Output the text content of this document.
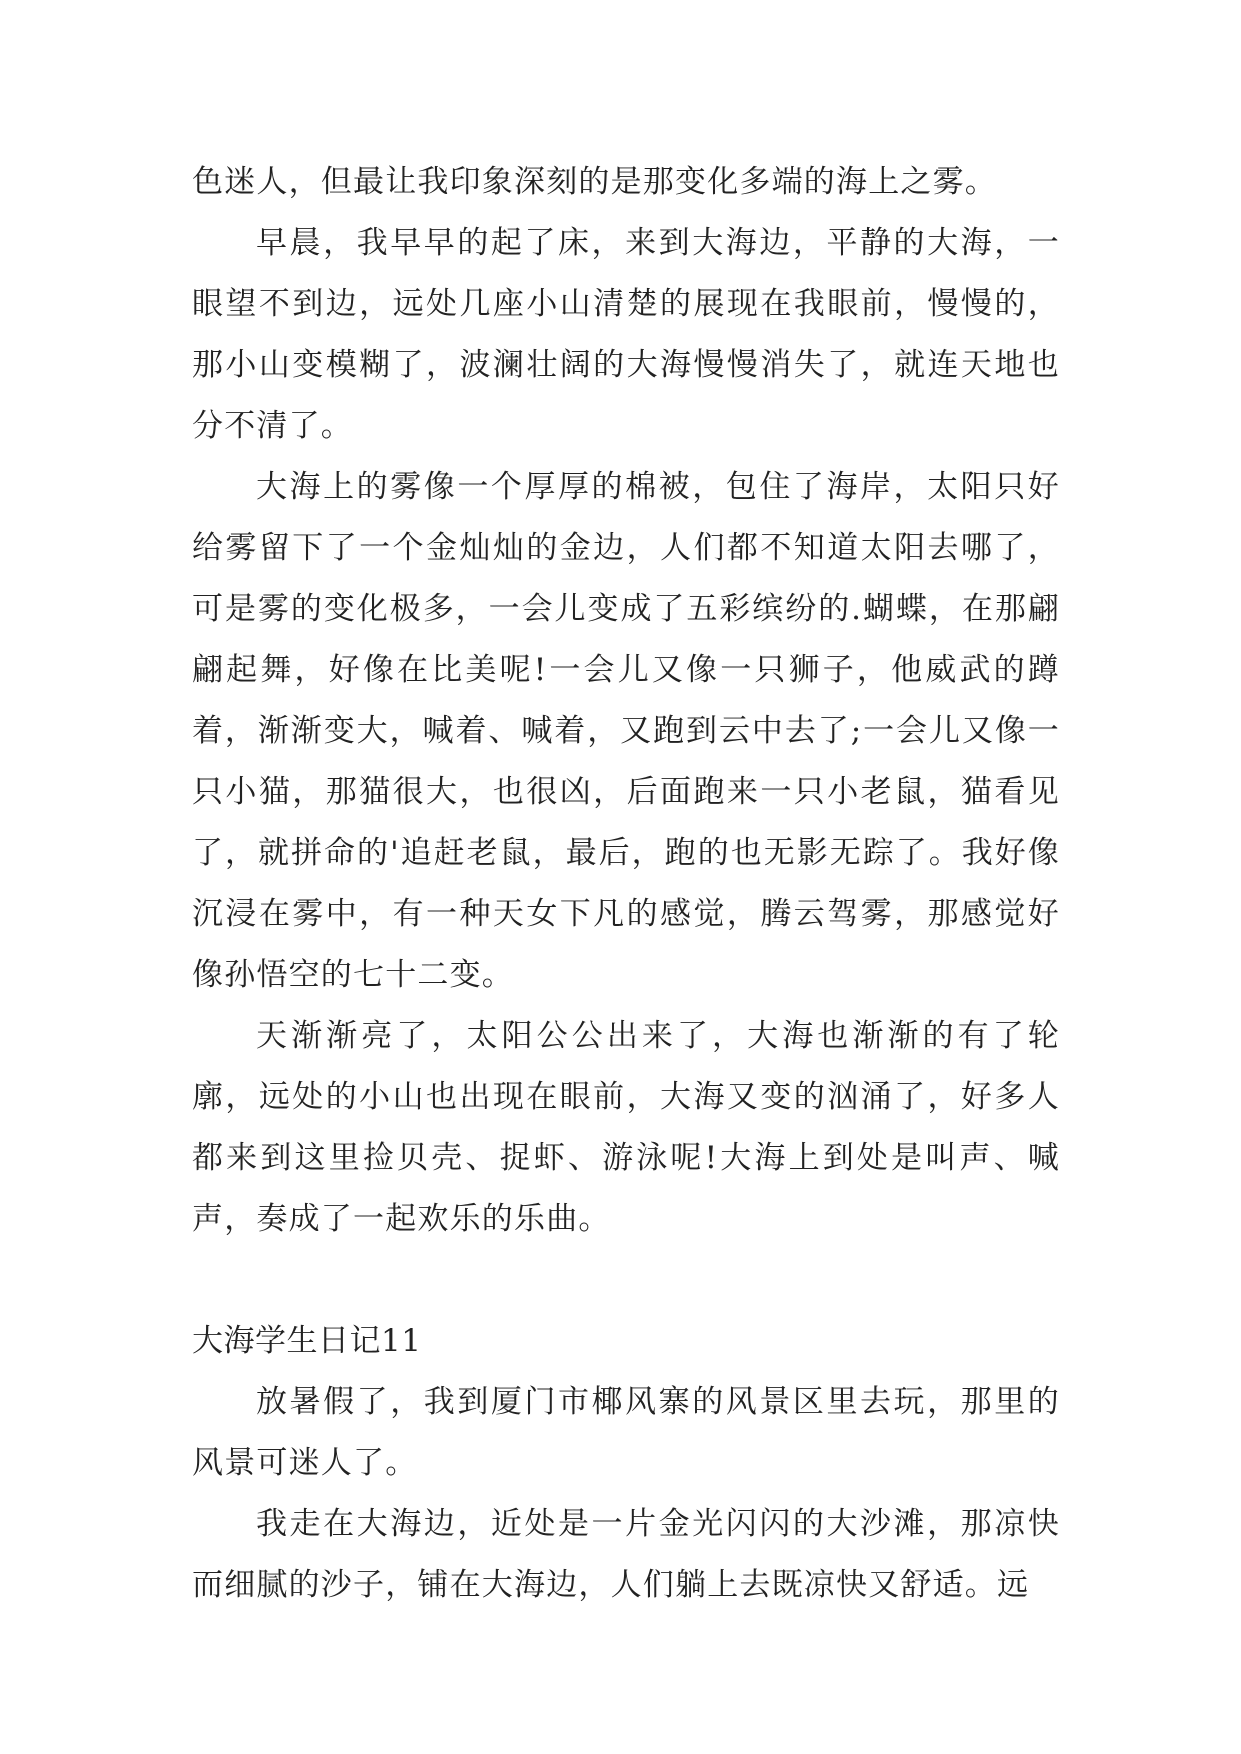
色迷人，但最让我印象深刻的是那变化多端的海上之雾。

早晨，我早早的起了床，来到大海边，平静的大海，一眼望不到边，远处几座小山清楚的展现在我眼前，慢慢的，那小山变模糊了，波澜壮阔的大海慢慢消失了，就连天地也分不清了。

大海上的雾像一个厚厚的棉被，包住了海岸，太阳只好给雾留下了一个金灿灿的金边，人们都不知道太阳去哪了，可是雾的变化极多，一会儿变成了五彩缤纷的.蝴蝶，在那翩翩起舞，好像在比美呢!一会儿又像一只狮子，他威武的蹲着，渐渐变大，喊着、喊着，又跑到云中去了;一会儿又像一只小猫，那猫很大，也很凶，后面跑来一只小老鼠，猫看见了，就拼命的'追赶老鼠，最后，跑的也无影无踪了。我好像沉浸在雾中，有一种天女下凡的感觉，腾云驾雾，那感觉好像孙悟空的七十二变。

天渐渐亮了，太阳公公出来了，大海也渐渐的有了轮廓，远处的小山也出现在眼前，大海又变的汹涌了，好多人都来到这里捡贝壳、捉虾、游泳呢!大海上到处是叫声、喊声，奏成了一起欢乐的乐曲。

大海学生日记11

放暑假了，我到厦门市椰风寨的风景区里去玩，那里的风景可迷人了。

我走在大海边，近处是一片金光闪闪的大沙滩，那凉快而细腻的沙子，铺在大海边，人们躺上去既凉快又舒适。远
